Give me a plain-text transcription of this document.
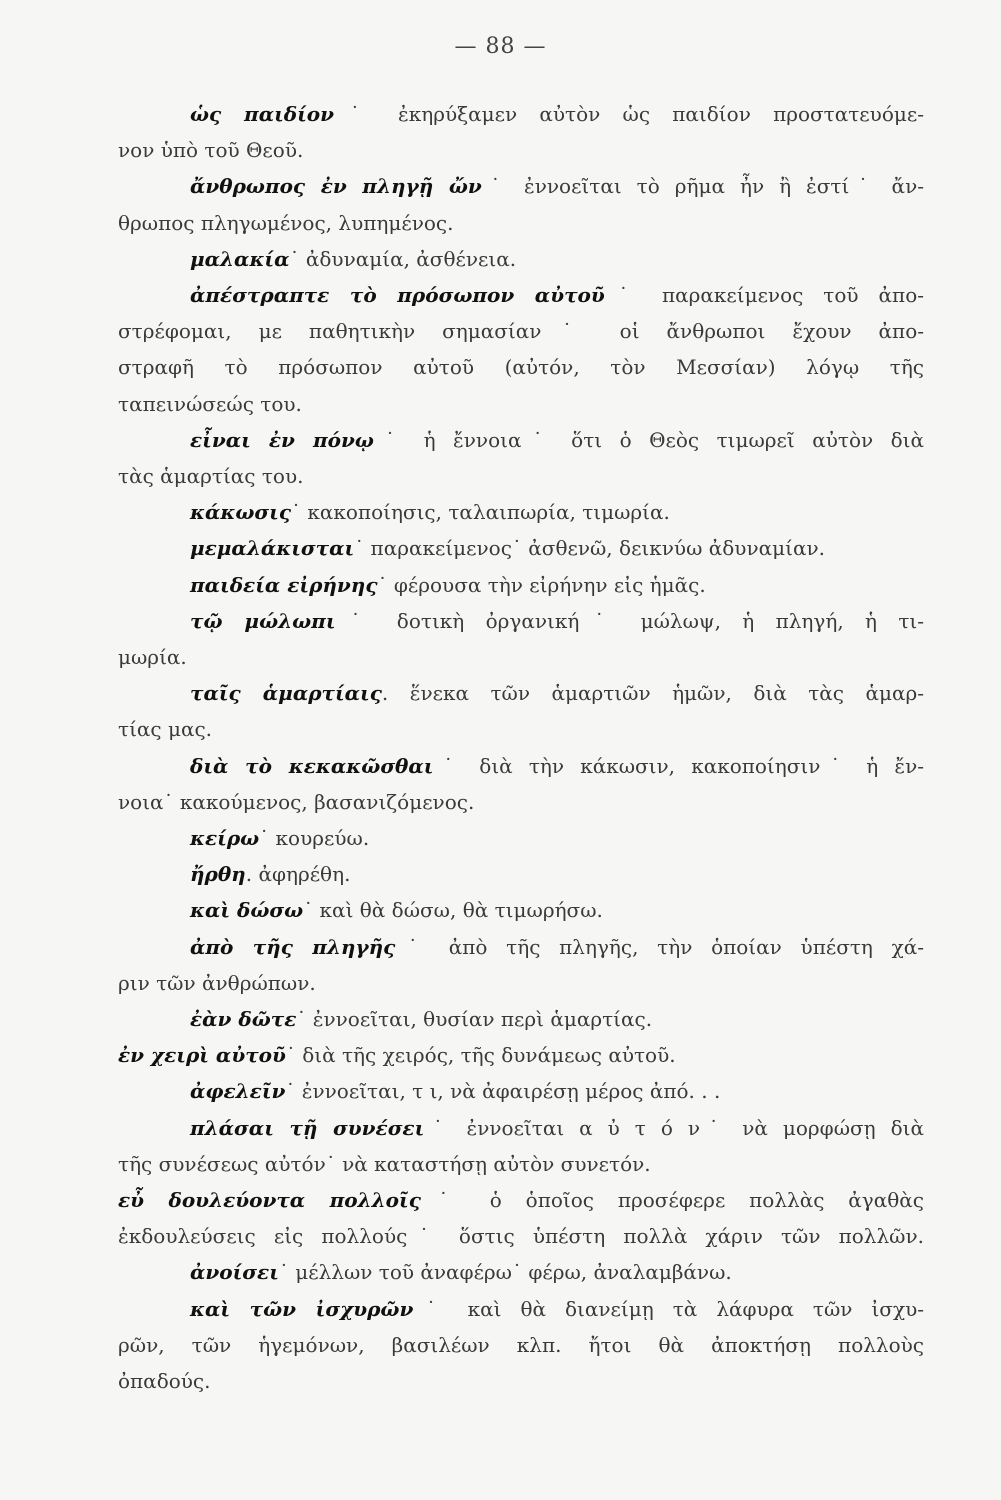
— 88 —
ὡς παιδίον˙ ἐκηρύξαμεν αὐτὸν ὡς παιδίον προστατευόμε-
νον ὑπὸ τοῦ Θεοῦ.
ἄνθρωπος ἐν πληγῇ ὤν˙ ἐννοεῖται τὸ ρῆμα ἦν ἢ ἐστί˙ ἄν-
θρωπος πληγωμένος, λυπημένος.
μαλακία˙ ἀδυναμία, ἀσθένεια.
ἀπέστραπτε τὸ πρόσωπον αὐτοῦ˙ παρακείμενος τοῦ ἀπο-
στρέφομαι, με παθητικὴν σημασίαν˙ οἱ ἄνθρωποι ἔχουν ἀπο-
στραφῆ τὸ πρόσωπον αὐτοῦ (αὐτόν, τὸν Μεσσίαν) λόγῳ τῆς
ταπεινώσεώς του.
εἶναι ἐν πόνῳ˙ ἡ ἔννοια˙ ὅτι ὁ Θεὸς τιμωρεῖ αὐτὸν διὰ
τὰς ἁμαρτίας του.
κάκωσις˙ κακοποίησις, ταλαιπωρία, τιμωρία.
μεμαλάκισται˙ παρακείμενος˙ ἀσθενῶ, δεικνύω ἀδυναμίαν.
παιδεία εἰρήνης˙ φέρουσα τὴν εἰρήνην εἰς ἡμᾶς.
τῷ μώλωπι˙ δοτικὴ ὀργανική˙ μώλωψ, ἡ πληγή, ἡ τι-
μωρία.
ταῖς ἁμαρτίαις. ἕνεκα τῶν ἁμαρτιῶν ἡμῶν, διὰ τὰς ἁμαρ-
τίας μας.
διὰ τὸ κεκακῶσθαι˙ διὰ τὴν κάκωσιν, κακοποίησιν˙ ἡ ἔν-
νοια˙ κακούμενος, βασανιζόμενος.
κείρω˙ κουρεύω.
ἤρθη. ἀφηρέθη.
καὶ δώσω˙ καὶ θὰ δώσω, θὰ τιμωρήσω.
ἀπὸ τῆς πληγῆς˙ ἀπὸ τῆς πληγῆς, τὴν ὁποίαν ὑπέστη χά-
ριν τῶν ἀνθρώπων.
ἐὰν δῶτε˙ ἐννοεῖται, θυσίαν περὶ ἁμαρτίας.
ἐν χειρὶ αὐτοῦ˙ διὰ τῆς χειρός, τῆς δυνάμεως αὐτοῦ.
ἀφελεῖν˙ ἐννοεῖται, τ ι, νὰ ἀφαιρέσῃ μέρος ἀπό. . .
πλάσαι τῇ συνέσει˙ ἐννοεῖται α ὐ τ ό ν˙ νὰ μορφώσῃ διὰ
τῆς συνέσεως αὐτόν˙ νὰ καταστήσῃ αὐτὸν συνετόν.
εὖ δουλεύοντα πολλοῖς˙ ὁ ὁποῖος προσέφερε πολλὰς ἀγαθὰς
ἐκδουλεύσεις εἰς πολλούς˙ ὅστις ὑπέστη πολλὰ χάριν τῶν πολλῶν.
ἀνοίσει˙ μέλλων τοῦ ἀναφέρω˙ φέρω, ἀναλαμβάνω.
καὶ τῶν ἰσχυρῶν˙ καὶ θὰ διανείμῃ τὰ λάφυρα τῶν ἰσχυ-
ρῶν, τῶν ἡγεμόνων, βασιλέων κλπ. ἤτοι θὰ ἀποκτήσῃ πολλοὺς
ὀπαδούς.
